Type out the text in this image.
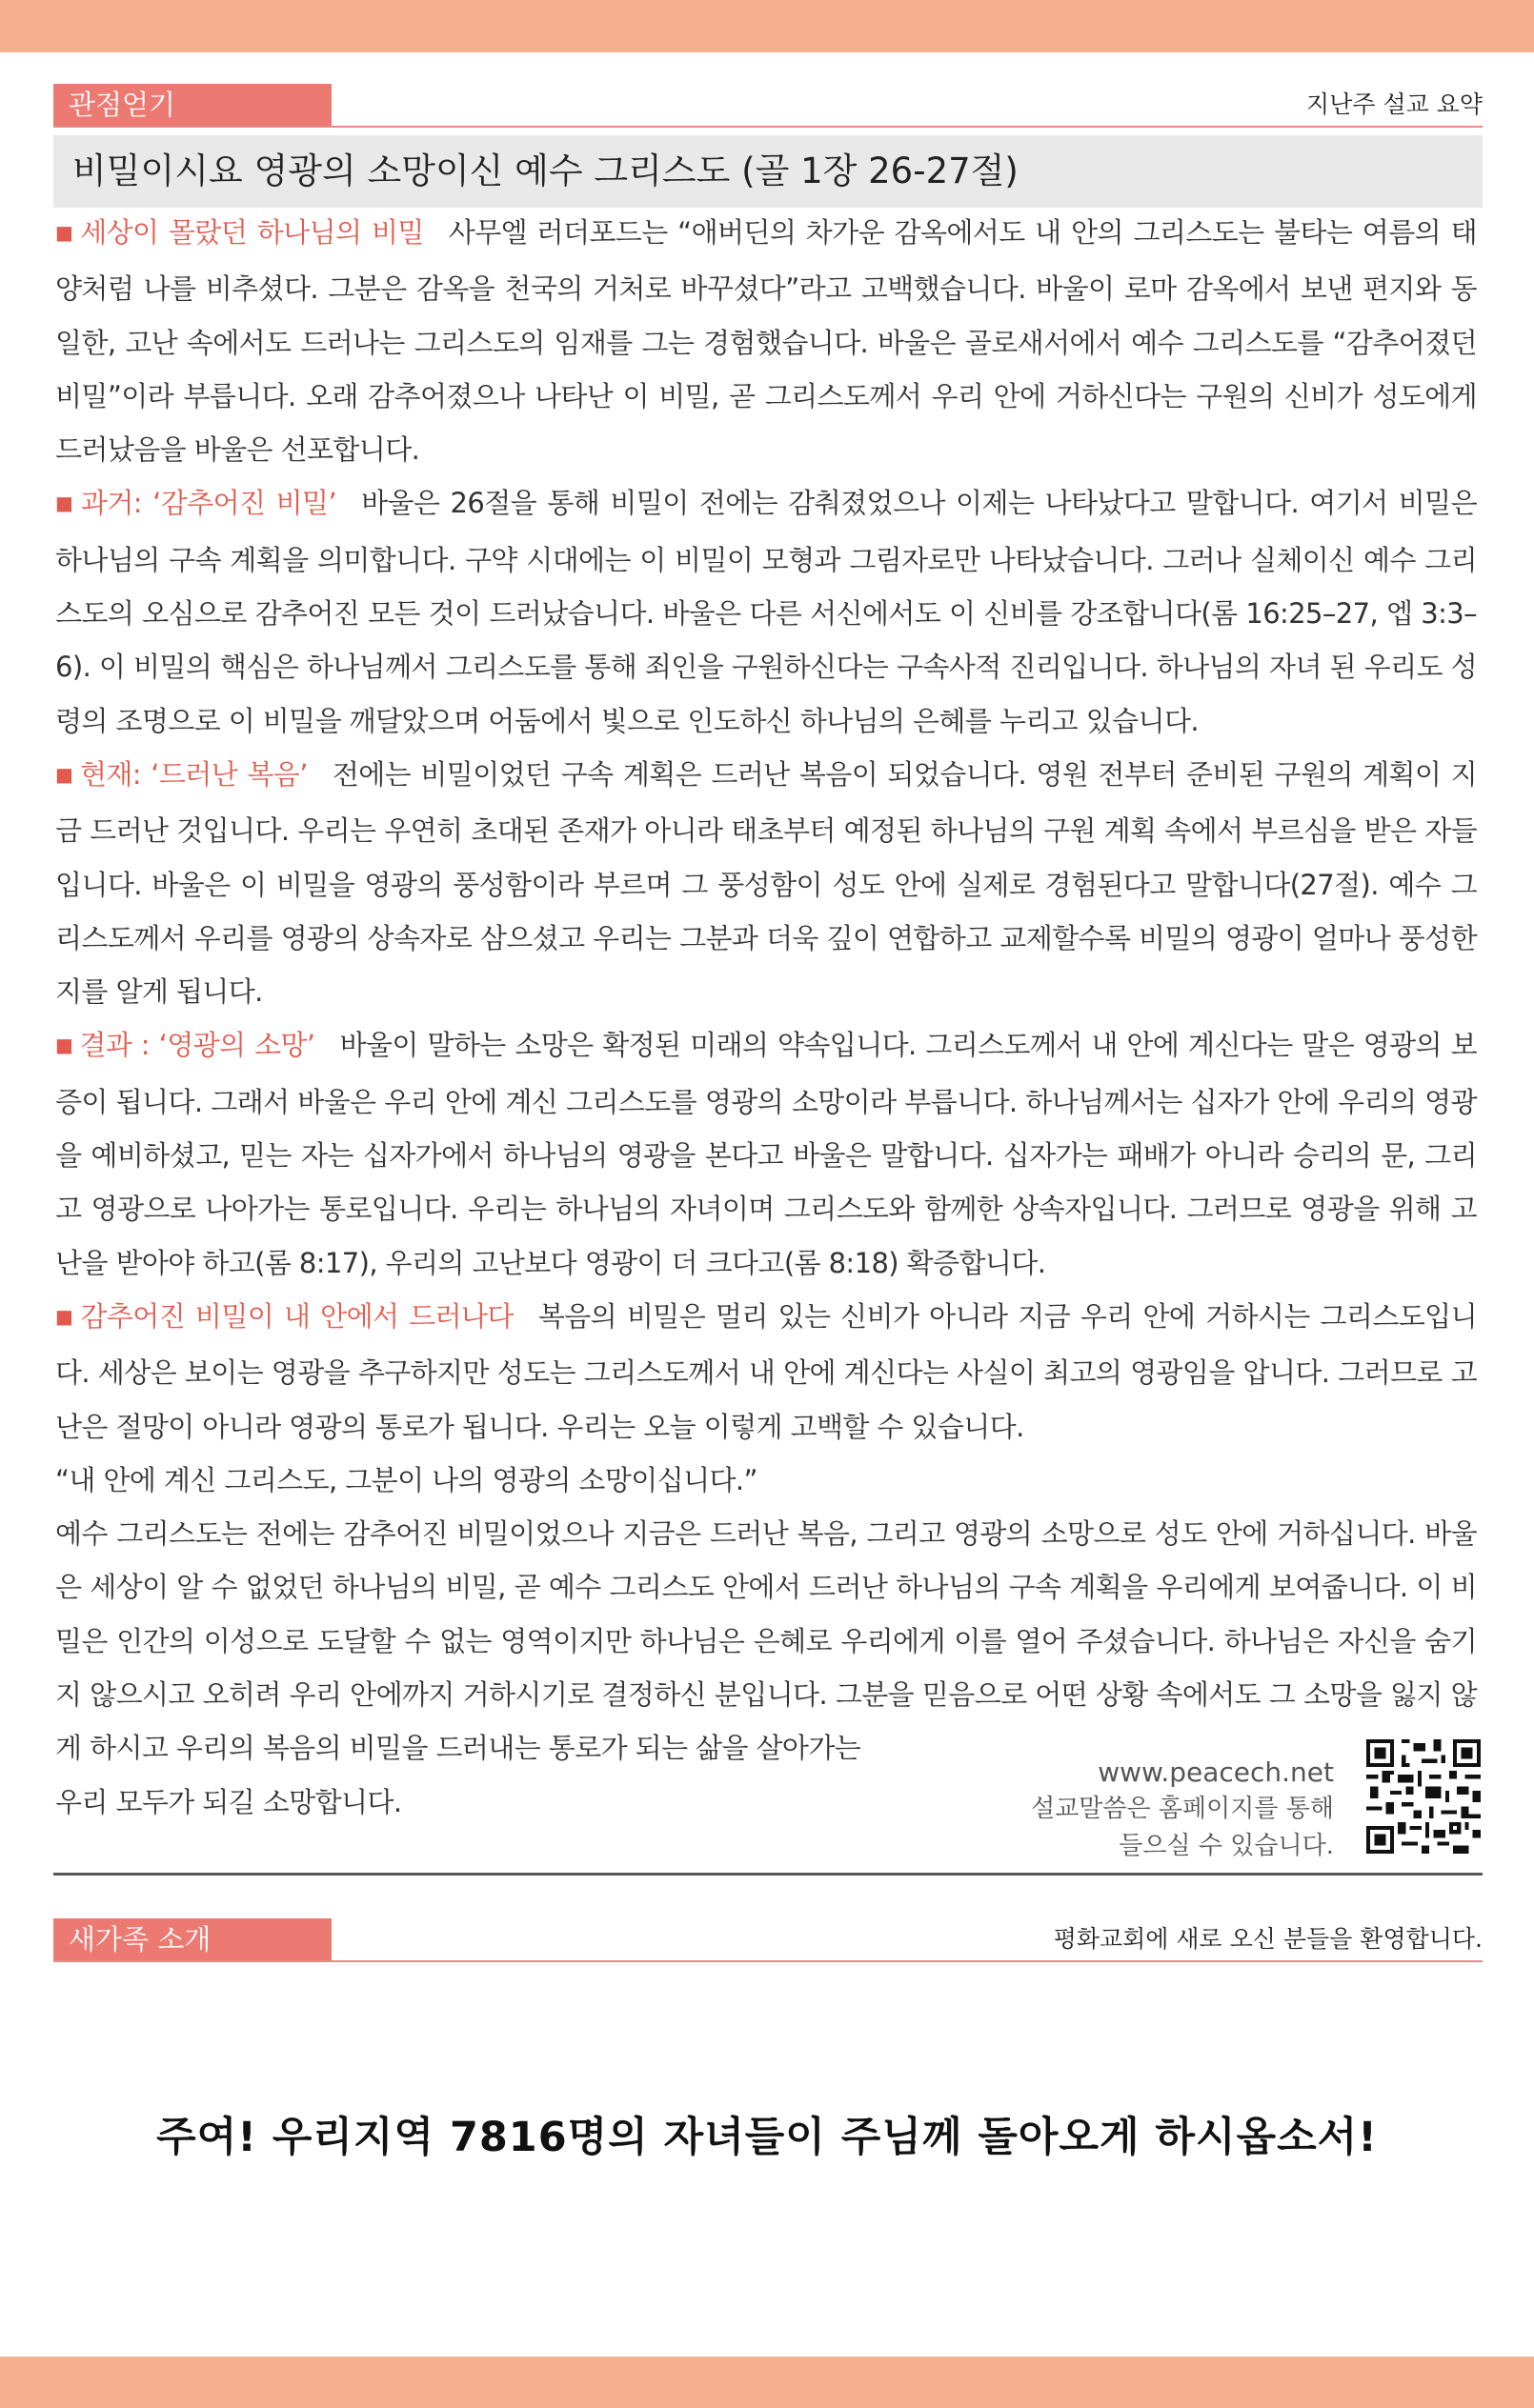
관점얻기	지난주 설교 요약
비밀이시요 영광의 소망이신 예수 그리스도 (골 1장 26-27절)

■ 세상이 몰랐던 하나님의 비밀 사무엘 러더포드는 “애버딘의 차가운 감옥에서도 내 안의 그리스도는 불타는 여름의 태양처럼 나를 비추셨다. 그분은 감옥을 천국의 거처로 바꾸셨다”라고 고백했습니다. 바울이 로마 감옥에서 보낸 편지와 동일한, 고난 속에서도 드러나는 그리스도의 임재를 그는 경험했습니다. 바울은 골로새서에서 예수 그리스도를 “감추어졌던 비밀”이라 부릅니다. 오래 감추어졌으나 나타난 이 비밀, 곧 그리스도께서 우리 안에 거하신다는 구원의 신비가 성도에게 드러났음을 바울은 선포합니다.

■ 과거: ‘감추어진 비밀’ 바울은 26절을 통해 비밀이 전에는 감춰졌었으나 이제는 나타났다고 말합니다. 여기서 비밀은 하나님의 구속 계획을 의미합니다. 구약 시대에는 이 비밀이 모형과 그림자로만 나타났습니다. 그러나 실체이신 예수 그리스도의 오심으로 감추어진 모든 것이 드러났습니다. 바울은 다른 서신에서도 이 신비를 강조합니다(롬 16:25–27, 엡 3:3–6). 이 비밀의 핵심은 하나님께서 그리스도를 통해 죄인을 구원하신다는 구속사적 진리입니다. 하나님의 자녀 된 우리도 성령의 조명으로 이 비밀을 깨달았으며 어둠에서 빛으로 인도하신 하나님의 은혜를 누리고 있습니다.

■ 현재: ‘드러난 복음’ 전에는 비밀이었던 구속 계획은 드러난 복음이 되었습니다. 영원 전부터 준비된 구원의 계획이 지금 드러난 것입니다. 우리는 우연히 초대된 존재가 아니라 태초부터 예정된 하나님의 구원 계획 속에서 부르심을 받은 자들입니다. 바울은 이 비밀을 영광의 풍성함이라 부르며 그 풍성함이 성도 안에 실제로 경험된다고 말합니다(27절). 예수 그리스도께서 우리를 영광의 상속자로 삼으셨고 우리는 그분과 더욱 깊이 연합하고 교제할수록 비밀의 영광이 얼마나 풍성한지를 알게 됩니다.

■ 결과 : ‘영광의 소망’ 바울이 말하는 소망은 확정된 미래의 약속입니다. 그리스도께서 내 안에 계신다는 말은 영광의 보증이 됩니다. 그래서 바울은 우리 안에 계신 그리스도를 영광의 소망이라 부릅니다. 하나님께서는 십자가 안에 우리의 영광을 예비하셨고, 믿는 자는 십자가에서 하나님의 영광을 본다고 바울은 말합니다. 십자가는 패배가 아니라 승리의 문, 그리고 영광으로 나아가는 통로입니다. 우리는 하나님의 자녀이며 그리스도와 함께한 상속자입니다. 그러므로 영광을 위해 고난을 받아야 하고(롬 8:17), 우리의 고난보다 영광이 더 크다고(롬 8:18) 확증합니다.

■ 감추어진 비밀이 내 안에서 드러나다 복음의 비밀은 멀리 있는 신비가 아니라 지금 우리 안에 거하시는 그리스도입니다. 세상은 보이는 영광을 추구하지만 성도는 그리스도께서 내 안에 계신다는 사실이 최고의 영광임을 압니다. 그러므로 고난은 절망이 아니라 영광의 통로가 됩니다. 우리는 오늘 이렇게 고백할 수 있습니다.

“내 안에 계신 그리스도, 그분이 나의 영광의 소망이십니다.”

예수 그리스도는 전에는 감추어진 비밀이었으나 지금은 드러난 복음, 그리고 영광의 소망으로 성도 안에 거하십니다. 바울은 세상이 알 수 없었던 하나님의 비밀, 곧 예수 그리스도 안에서 드러난 하나님의 구속 계획을 우리에게 보여줍니다. 이 비밀은 인간의 이성으로 도달할 수 없는 영역이지만 하나님은 은혜로 우리에게 이를 열어 주셨습니다. 하나님은 자신을 숨기지 않으시고 오히려 우리 안에까지 거하시기로 결정하신 분입니다. 그분을 믿음으로 어떤 상황 속에서도 그 소망을 잃지 않게 하시고 우리의 복음의 비밀을 드러내는 통로가 되는 삶을 살아가는

우리 모두가 되길 소망합니다.

www.peacech.net
설교말씀은 홈페이지를 통해
들으실 수 있습니다.
새가족 소개	평화교회에 새로 오신 분들을 환영합니다.
주여! 우리지역 7816명의 자녀들이 주님께 돌아오게 하시옵소서!
